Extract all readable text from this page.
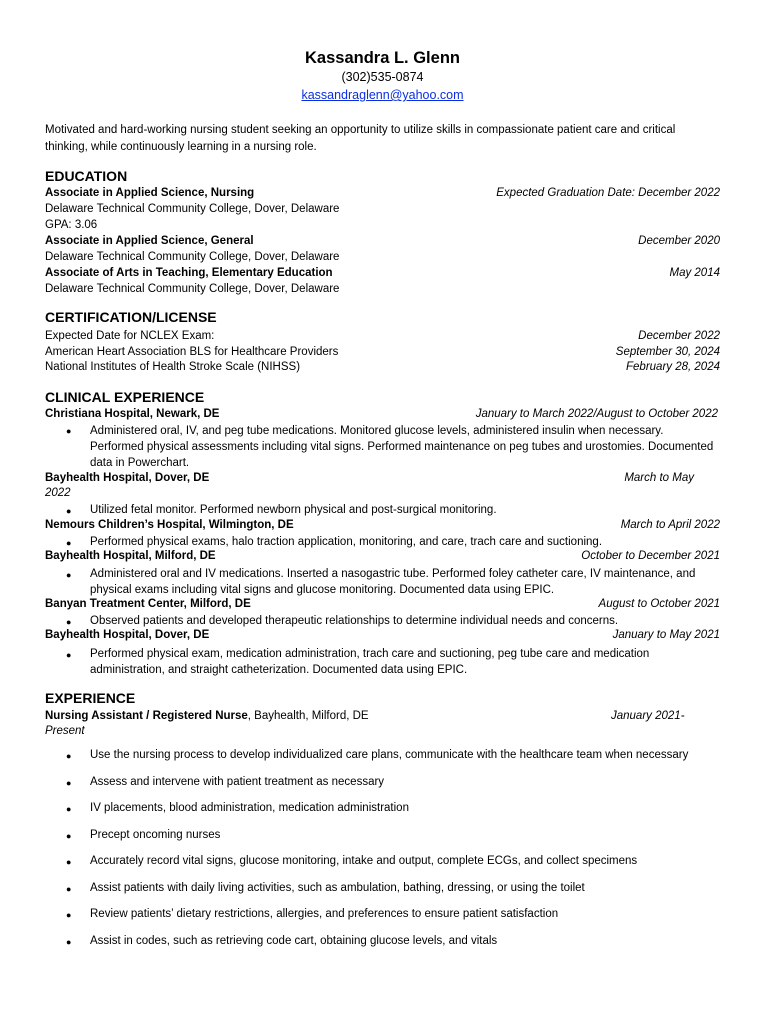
Kassandra L. Glenn
(302)535-0874
kassandraglenn@yahoo.com
Motivated and hard-working nursing student seeking an opportunity to utilize skills in compassionate patient care and critical thinking, while continuously learning in a nursing role.
EDUCATION
Associate in Applied Science, Nursing	Expected Graduation Date: December 2022
Delaware Technical Community College, Dover, Delaware
GPA: 3.06
Associate in Applied Science, General	December 2020
Delaware Technical Community College, Dover, Delaware
Associate of Arts in Teaching, Elementary Education	May 2014
Delaware Technical Community College, Dover, Delaware
CERTIFICATION/LICENSE
Expected Date for NCLEX Exam:	December 2022
American Heart Association BLS for Healthcare Providers	September 30, 2024
National Institutes of Health Stroke Scale (NIHSS)	February 28, 2024
CLINICAL EXPERIENCE
Christiana Hospital, Newark, DE	January to March 2022/August to October 2022
● Administered oral, IV, and peg tube medications. Monitored glucose levels, administered insulin when necessary. Performed physical assessments including vital signs. Performed maintenance on peg tubes and urostomies. Documented data in Powerchart.
Bayhealth Hospital, Dover, DE	March to May
2022
● Utilized fetal monitor. Performed newborn physical and post-surgical monitoring.
Nemours Children’s Hospital, Wilmington, DE	March to April 2022
● Performed physical exams, halo traction application, monitoring, and care, trach care and suctioning.
Bayhealth Hospital, Milford, DE	October to December 2021
● Administered oral and IV medications. Inserted a nasogastric tube. Performed foley catheter care, IV maintenance, and physical exams including vital signs and glucose monitoring. Documented data using EPIC.
Banyan Treatment Center, Milford, DE	August to October 2021
● Observed patients and developed therapeutic relationships to determine individual needs and concerns.
Bayhealth Hospital, Dover, DE	January to May 2021
● Performed physical exam, medication administration, trach care and suctioning, peg tube care and medication administration, and straight catheterization. Documented data using EPIC.
EXPERIENCE
Nursing Assistant / Registered Nurse, Bayhealth, Milford, DE	January 2021-
Present
● Use the nursing process to develop individualized care plans, communicate with the healthcare team when necessary
● Assess and intervene with patient treatment as necessary
● IV placements, blood administration, medication administration
● Precept oncoming nurses
● Accurately record vital signs, glucose monitoring, intake and output, complete ECGs, and collect specimens
● Assist patients with daily living activities, such as ambulation, bathing, dressing, or using the toilet
● Review patients’ dietary restrictions, allergies, and preferences to ensure patient satisfaction
● Assist in codes, such as retrieving code cart, obtaining glucose levels, and vitals
